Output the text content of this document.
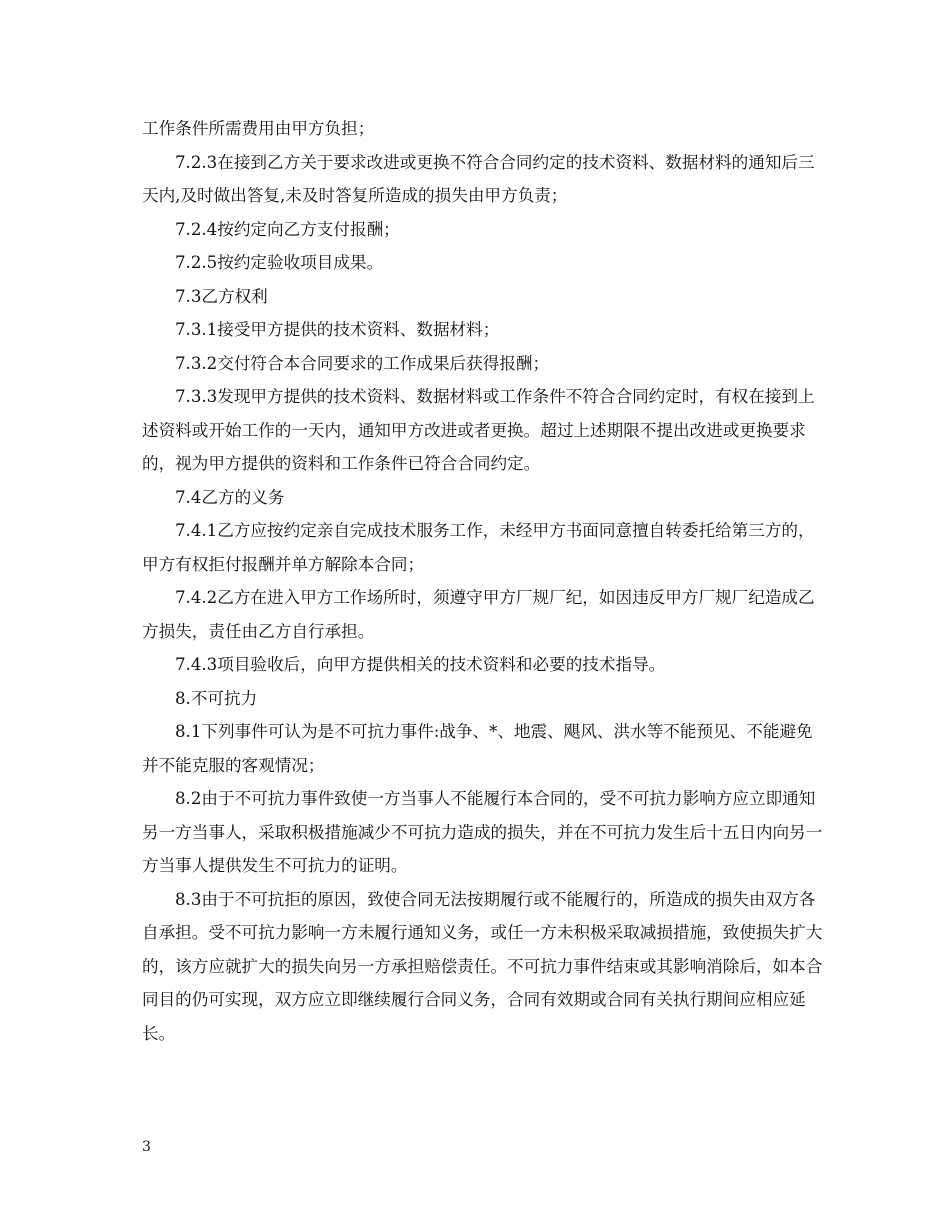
工作条件所需费用由甲方负担；

7.2.3在接到乙方关于要求改进或更换不符合合同约定的技术资料、数据材料的通知后三天内,及时做出答复,未及时答复所造成的损失由甲方负责；

7.2.4按约定向乙方支付报酬；

7.2.5按约定验收项目成果。

7.3乙方权利

7.3.1接受甲方提供的技术资料、数据材料；

7.3.2交付符合本合同要求的工作成果后获得报酬；

7.3.3发现甲方提供的技术资料、数据材料或工作条件不符合合同约定时，有权在接到上述资料或开始工作的一天内，通知甲方改进或者更换。超过上述期限不提出改进或更换要求的，视为甲方提供的资料和工作条件已符合合同约定。

7.4乙方的义务

7.4.1乙方应按约定亲自完成技术服务工作，未经甲方书面同意擅自转委托给第三方的，甲方有权拒付报酬并单方解除本合同；

7.4.2乙方在进入甲方工作场所时，须遵守甲方厂规厂纪，如因违反甲方厂规厂纪造成乙方损失，责任由乙方自行承担。

7.4.3项目验收后，向甲方提供相关的技术资料和必要的技术指导。

8.不可抗力

8.1下列事件可认为是不可抗力事件:战争、*、地震、飓风、洪水等不能预见、不能避免并不能克服的客观情况；

8.2由于不可抗力事件致使一方当事人不能履行本合同的，受不可抗力影响方应立即通知另一方当事人，采取积极措施减少不可抗力造成的损失，并在不可抗力发生后十五日内向另一方当事人提供发生不可抗力的证明。

8.3由于不可抗拒的原因，致使合同无法按期履行或不能履行的，所造成的损失由双方各自承担。受不可抗力影响一方未履行通知义务，或任一方未积极采取减损措施，致使损失扩大的，该方应就扩大的损失向另一方承担赔偿责任。不可抗力事件结束或其影响消除后，如本合同目的仍可实现，双方应立即继续履行合同义务，合同有效期或合同有关执行期间应相应延长。

3
